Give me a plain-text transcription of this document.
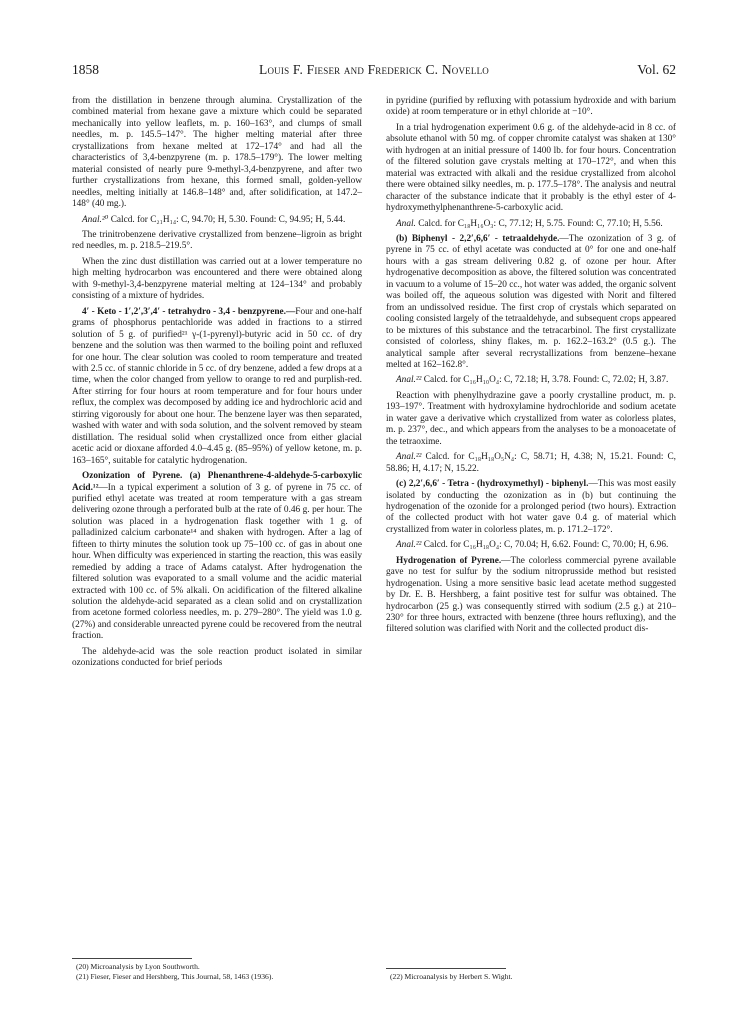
1858	Louis F. Fieser and Frederick C. Novello	Vol. 62

from the distillation in benzene through alumina. Crystallization of the combined material from hexane gave a mixture which could be separated mechanically into yellow leaflets, m. p. 160–163°, and clumps of small needles, m. p. 145.5–147°. The higher melting material after three crystallizations from hexane melted at 172–174° and had all the characteristics of 3,4-benzpyrene (m. p. 178.5–179°). The lower melting material consisted of nearly pure 9-methyl-3,4-benzpyrene, and after two further crystallizations from hexane, this formed small, golden-yellow needles, melting initially at 146.8–148° and, after solidification, at 147.2–148° (40 mg.).

Anal.²⁰ Calcd. for C₂₁H₁₄: C, 94.70; H, 5.30. Found: C, 94.95; H, 5.44.

The trinitrobenzene derivative crystallized from benzene–ligroin as bright red needles, m. p. 218.5–219.5°.

When the zinc dust distillation was carried out at a lower temperature no high melting hydrocarbon was encountered and there were obtained along with 9-methyl-3,4-benzpyrene material melting at 124–134° and probably consisting of a mixture of hydrides.

4′ - Keto - 1′,2′,3′,4′ - tetrahydro - 3,4 - benzpyrene.—Four and one-half grams of phosphorus pentachloride was added in fractions to a stirred solution of 5 g. of purified²¹ γ-(1-pyrenyl)-butyric acid in 50 cc. of dry benzene and the solution was then warmed to the boiling point and refluxed for one hour. The clear solution was cooled to room temperature and treated with 2.5 cc. of stannic chloride in 5 cc. of dry benzene, added a few drops at a time, when the color changed from yellow to orange to red and purplish-red. After stirring for four hours at room temperature and for four hours under reflux, the complex was decomposed by adding ice and hydrochloric acid and stirring vigorously for about one hour. The benzene layer was then separated, washed with water and with soda solution, and the solvent removed by steam distillation. The residual solid when crystallized once from either glacial acetic acid or dioxane afforded 4.0–4.45 g. (85–95%) of yellow ketone, m. p. 163–165°, suitable for catalytic hydrogenation.

Ozonization of Pyrene. (a) Phenanthrene-4-aldehyde-5-carboxylic Acid.¹²—In a typical experiment a solution of 3 g. of pyrene in 75 cc. of purified ethyl acetate was treated at room temperature with a gas stream delivering ozone through a perforated bulb at the rate of 0.46 g. per hour. The solution was placed in a hydrogenation flask together with 1 g. of palladinized calcium carbonate¹⁴ and shaken with hydrogen. After a lag of fifteen to thirty minutes the solution took up 75–100 cc. of gas in about one hour. When difficulty was experienced in starting the reaction, this was easily remedied by adding a trace of Adams catalyst. After hydrogenation the filtered solution was evaporated to a small volume and the acidic material extracted with 100 cc. of 5% alkali. On acidification of the filtered alkaline solution the aldehyde-acid separated as a clean solid and on crystallization from acetone formed colorless needles, m. p. 279–280°. The yield was 1.0 g. (27%) and considerable unreacted pyrene could be recovered from the neutral fraction.

The aldehyde-acid was the sole reaction product isolated in similar ozonizations conducted for brief periods

in pyridine (purified by refluxing with potassium hydroxide and with barium oxide) at room temperature or in ethyl chloride at −10°.

In a trial hydrogenation experiment 0.6 g. of the aldehyde-acid in 8 cc. of absolute ethanol with 50 mg. of copper chromite catalyst was shaken at 130° with hydrogen at an initial pressure of 1400 lb. for four hours. Concentration of the filtered solution gave crystals melting at 170–172°, and when this material was extracted with alkali and the residue crystallized from alcohol there were obtained silky needles, m. p. 177.5–178°. The analysis and neutral character of the substance indicate that it probably is the ethyl ester of 4-hydroxymethylphenanthrene-5-carboxylic acid.

Anal. Calcd. for C₁₈H₁₆O₃: C, 77.12; H, 5.75. Found: C, 77.10; H, 5.56.

(b) Biphenyl - 2,2′,6,6′ - tetraaldehyde.—The ozonization of 3 g. of pyrene in 75 cc. of ethyl acetate was conducted at 0° for one and one-half hours with a gas stream delivering 0.82 g. of ozone per hour. After hydrogenative decomposition as above, the filtered solution was concentrated in vacuum to a volume of 15–20 cc., hot water was added, the organic solvent was boiled off, the aqueous solution was digested with Norit and filtered from an undissolved residue. The first crop of crystals which separated on cooling consisted largely of the tetraaldehyde, and subsequent crops appeared to be mixtures of this substance and the tetracarbinol. The first crystallizate consisted of colorless, shiny flakes, m. p. 162.2–163.2° (0.5 g.). The analytical sample after several recrystallizations from benzene–hexane melted at 162–162.8°.

Anal.²² Calcd. for C₁₆H₁₀O₄: C, 72.18; H, 3.78. Found: C, 72.02; H, 3.87.

Reaction with phenylhydrazine gave a poorly crystalline product, m. p. 193–197°. Treatment with hydroxylamine hydrochloride and sodium acetate in water gave a derivative which crystallized from water as colorless plates, m. p. 237°, dec., and which appears from the analyses to be a monoacetate of the tetraoxime.

Anal.²² Calcd. for C₁₈H₁₈O₅N₄: C, 58.71; H, 4.38; N, 15.21. Found: C, 58.86; H, 4.17; N, 15.22.

(c) 2,2′,6,6′ - Tetra - (hydroxymethyl) - biphenyl.—This was most easily isolated by conducting the ozonization as in (b) but continuing the hydrogenation of the ozonide for a prolonged period (two hours). Extraction of the collected product with hot water gave 0.4 g. of material which crystallized from water in colorless plates, m. p. 171.2–172°.

Anal.²² Calcd. for C₁₆H₁₈O₄: C, 70.04; H, 6.62. Found: C, 70.00; H, 6.96.

Hydrogenation of Pyrene.—The colorless commercial pyrene available gave no test for sulfur by the sodium nitroprusside method but resisted hydrogenation. Using a more sensitive basic lead acetate method suggested by Dr. E. B. Hershberg, a faint positive test for sulfur was obtained. The hydrocarbon (25 g.) was consequently stirred with sodium (2.5 g.) at 210–230° for three hours, extracted with benzene (three hours refluxing), and the filtered solution was clarified with Norit and the collected product dis-

(20) Microanalysis by Lyon Southworth.
(21) Fieser, Fieser and Hershberg, This Journal, 58, 1463 (1936).	(22) Microanalysis by Herbert S. Wight.
